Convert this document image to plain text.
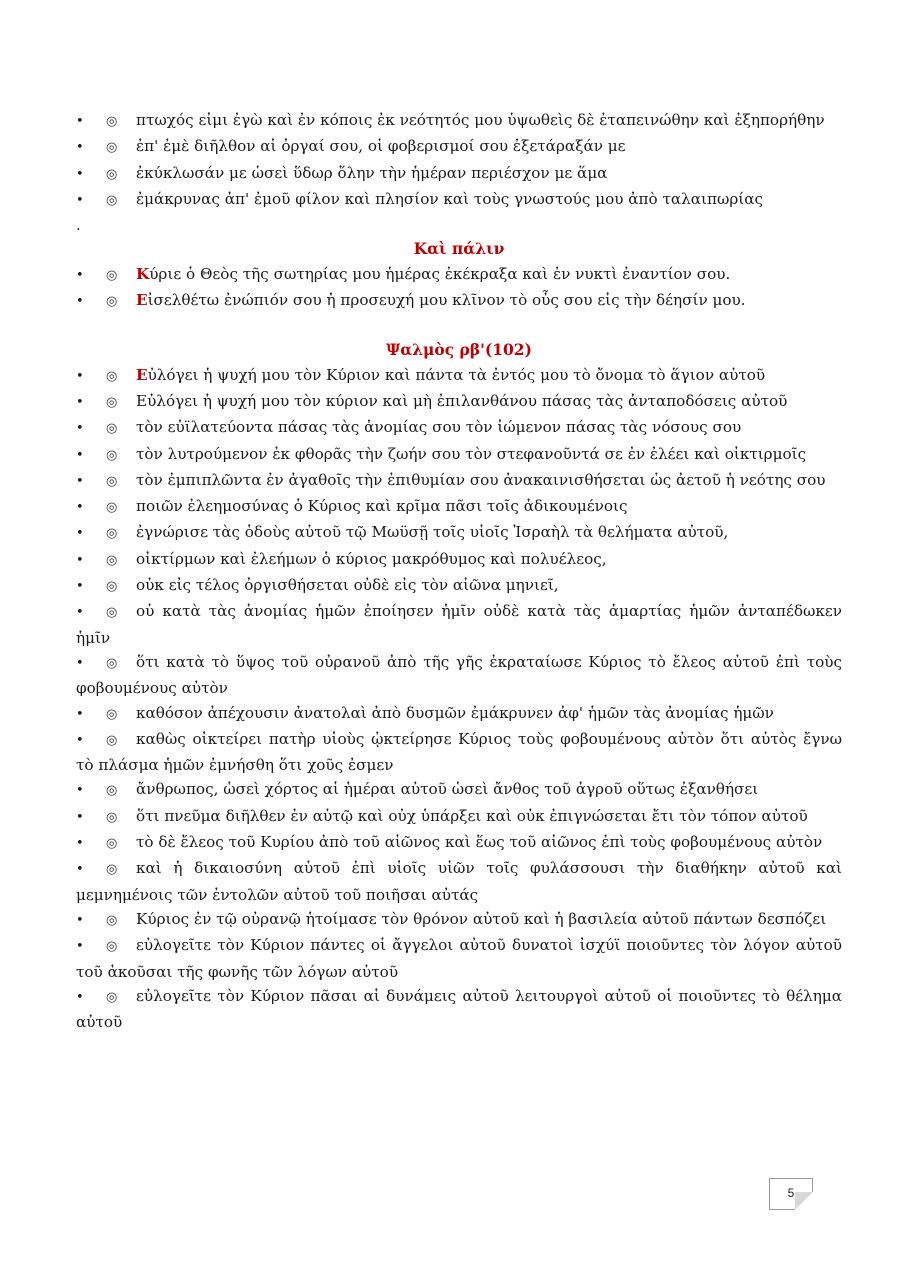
• ◎ πτωχός εἰμι ἐγὼ καὶ ἐν κόποις ἐκ νεότητός μου ὑψωθεὶς δὲ ἐταπεινώθην καὶ ἐξηπορήθην

• ◎ ἐπ' ἐμὲ διῆλθον αἱ ὀργαί σου, οἱ φοβερισμοί σου ἐξετάραξάν με

• ◎ ἐκύκλωσάν με ὡσεὶ ὕδωρ ὅλην τὴν ἡμέραν περιέσχον με ἅμα

• ◎ ἐμάκρυνας ἀπ' ἐμοῦ φίλον καὶ πλησίον καὶ τοὺς γνωστούς μου ἀπὸ ταλαιπωρίας

.

Καὶ πάλιν

• ◎ Κύριε ὁ Θεὸς τῆς σωτηρίας μου ἡμέρας ἐκέκραξα καὶ ἐν νυκτὶ ἐναντίον σου.

• ◎ Εἰσελθέτω ἐνώπιόν σου ἡ προσευχή μου κλῖνον τὸ οὖς σου εἰς τὴν δέησίν μου.

Ψαλμὸς ρβ'(102)

• ◎ Εὐλόγει ἡ ψυχή μου τὸν Κύριον καὶ πάντα τὰ ἐντός μου τὸ ὄνομα τὸ ἅγιον αὐτοῦ

• ◎ Εὐλόγει ἡ ψυχή μου τὸν κύριον καὶ μὴ ἐπιλανθάνου πάσας τὰς ἀνταποδόσεις αὐτοῦ

• ◎ τὸν εὐϊλατεύοντα πάσας τὰς ἀνομίας σου τὸν ἰώμενον πάσας τὰς νόσους σου

• ◎ τὸν λυτρούμενον ἐκ φθορᾶς τὴν ζωήν σου τὸν στεφανοῦντά σε ἐν ἐλέει καὶ οἰκτιρμοῖς

• ◎ τὸν ἐμπιπλῶντα ἐν ἀγαθοῖς τὴν ἐπιθυμίαν σου ἀνακαινισθήσεται ὡς ἀετοῦ ἡ νεότης σου

• ◎ ποιῶν ἐλεημοσύνας ὁ Κύριος καὶ κρῖμα πᾶσι τοῖς ἀδικουμένοις

• ◎ ἐγνώρισε τὰς ὁδοὺς αὐτοῦ τῷ Μωϋσῇ τοῖς υἱοῖς Ἰσραὴλ τὰ θελήματα αὐτοῦ,

• ◎ οἰκτίρμων καὶ ἐλεήμων ὁ κύριος μακρόθυμος καὶ πολυέλεος,

• ◎ οὐκ εἰς τέλος ὀργισθήσεται οὐδὲ εἰς τὸν αἰῶνα μηνιεῖ,

• ◎ οὐ κατὰ τὰς ἀνομίας ἡμῶν ἐποίησεν ἡμῖν οὐδὲ κατὰ τὰς ἁμαρτίας ἡμῶν ἀνταπέδωκεν ἡμῖν

• ◎ ὅτι κατὰ τὸ ὕψος τοῦ οὐρανοῦ ἀπὸ τῆς γῆς ἐκραταίωσε Κύριος τὸ ἔλεος αὐτοῦ ἐπὶ τοὺς φοβουμένους αὐτὸν

• ◎ καθόσον ἀπέχουσιν ἀνατολαὶ ἀπὸ δυσμῶν ἐμάκρυνεν ἀφ' ἡμῶν τὰς ἀνομίας ἡμῶν

• ◎ καθὼς οἰκτείρει πατὴρ υἱοὺς ᾠκτείρησε Κύριος τοὺς φοβουμένους αὐτὸν ὅτι αὐτὸς ἔγνω τὸ πλάσμα ἡμῶν ἐμνήσθη ὅτι χοῦς ἐσμεν

• ◎ ἄνθρωπος, ὡσεὶ χόρτος αἱ ἡμέραι αὐτοῦ ὡσεὶ ἄνθος τοῦ ἀγροῦ οὕτως ἐξανθήσει

• ◎ ὅτι πνεῦμα διῆλθεν ἐν αὐτῷ καὶ οὐχ ὑπάρξει καὶ οὐκ ἐπιγνώσεται ἔτι τὸν τόπον αὐτοῦ

• ◎ τὸ δὲ ἔλεος τοῦ Κυρίου ἀπὸ τοῦ αἰῶνος καὶ ἕως τοῦ αἰῶνος ἐπὶ τοὺς φοβουμένους αὐτὸν

• ◎ καὶ ἡ δικαιοσύνη αὐτοῦ ἐπὶ υἱοῖς υἱῶν τοῖς φυλάσσουσι τὴν διαθήκην αὐτοῦ καὶ μεμνημένοις τῶν ἐντολῶν αὐτοῦ τοῦ ποιῆσαι αὐτάς

• ◎ Κύριος ἐν τῷ οὐρανῷ ἡτοίμασε τὸν θρόνον αὐτοῦ καὶ ἡ βασιλεία αὐτοῦ πάντων δεσπόζει

• ◎ εὐλογεῖτε τὸν Κύριον πάντες οἱ ἄγγελοι αὐτοῦ δυνατοὶ ἰσχύϊ ποιοῦντες τὸν λόγον αὐτοῦ τοῦ ἀκοῦσαι τῆς φωνῆς τῶν λόγων αὐτοῦ

• ◎ εὐλογεῖτε τὸν Κύριον πᾶσαι αἱ δυνάμεις αὐτοῦ λειτουργοὶ αὐτοῦ οἱ ποιοῦντες τὸ θέλημα αὐτοῦ

5
